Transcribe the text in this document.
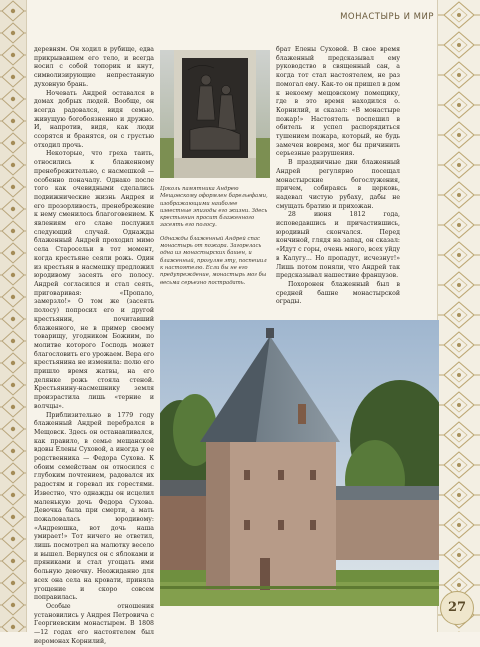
МОНАСТЫРЬ И МИР

деревням. Он ходил в рубище, едва прикрывавшем его тело, и всегда носил с собой топорик и кнут, символизирующие непрестанную духовную брань.

Ночевать Андрей оставался в домах добрых людей. Вообще, он всегда радовался, видя семью, живущую богобоязненно и дружно. И, напротив, видя, как люди ссорятся и бранятся, он с грустью отходил прочь.

Некоторые, что греха таить, относились к блаженному пренебрежительно, с насмешкой — особенно поначалу. Однако после того как очевидными сделались подвижнические жизнь Андрея и его прозорливость, пренебрежение к нему сменилось благоговением. К явлениям его славе послужил следующий случай. Однажды блаженный Андрей проходил мимо села Старосельи в тот момент, когда крестьяне сеяли рожь. Один из крестьян в насмешку предложил юродивому засеять его полосу. Андрей согласился и стал сеять, приговаривая: «Пропало, замерзло!» О том же (засеять полосу) попросил его и другой крестьянин, почитавший блаженного, не в пример своему товарищу, угодником Божиим, по молитве которого Господь может благословить его урожаем. Вера его крестьянина не изменила: полю его пришло время жатвы, на его делянке рожь стояла стеной. Крестьянину-насмешнику земля произрастила лишь «терние и волчцы».

Приблизительно в 1779 году блаженный Андрей перебрался в Мещовск. Здесь он останавливался, как правило, в семье мещанской вдовы Елены Суховой, а иногда у ее родственника — Федора Сухова. К обоим семействам он относился с глубоким почтением, радовался их радостям и горевал их горестями. Известно, что однажды он исцелил маленькую дочь Федора Сухова. Девочка была при смерти, а мать пожаловалась юродивому: «Андреюшка, вот дочь наша умирает!» Тот ничего не ответил, лишь посмотрел на малютку весело и вышел. Вернулся он с яблоками и пряниками и стал угощать ими больную девочку. Неожиданно для всех она села на кровати, приняла угощение и скоро совсем поправилась.

Особые отношения установились у Андрея Петровича с Георгиевским монастырем. В 1808—12 годах его настоятелем был иеромонах Корнилий,

Цоколь памятника Андрею Мещовскому оформлен барельефами, изображающими наиболее известные эпизоды его жизни. Здесь крестьянин просит блаженного засеять его полосу.

Однажды блаженный Андрей спас монастырь от пожара. Загорелась одна из монастырских башен, и блаженный, прогуляв эту, поспешил к настоятелю. Если бы не его предупреждение, монастырь мог бы весьма серьезно пострадать.

брат Елены Суховой. В свое время блаженный предсказывал ему руководство в священный сан, а когда тот стал настоятелем, не раз помогал ему. Как-то он пришел в дом к некоему мещовскому помещику, где в это время находился о. Корнилий, и сказал: «В монастыре пожар!» Настоятель поспешил в обитель и успел распорядиться тушением пожара, который, не будь замечен вовремя, мог бы причинить серьезные разрушения.

В праздничные дни блаженный Андрей регулярно посещал монастырские богослужения, причем, собираясь в церковь, надевал чистую рубаху, дабы не смущать братию и прихожан.

28 июня 1812 года, исповедавшись и причастившись, юродивый скончался. Перед кончиной, глядя на запад, он сказал: «Идут с горы, очень много, всех уйду в Калугу... Но пропадут, исчезнут!» Лишь потом поняли, что Андрей так предсказывал нашествие французов.

Похоронен блаженный был в средней башне монастырской ограды.

27
